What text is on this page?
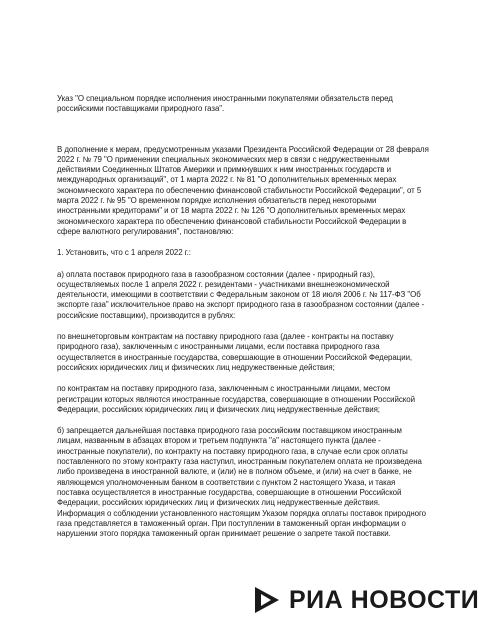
Указ "О специальном порядке исполнения иностранными покупателями обязательств перед российскими поставщиками природного газа".

В дополнение к мерам, предусмотренным указами Президента Российской Федерации от 28 февраля 2022 г. № 79 "О применении специальных экономических мер в связи с недружественными действиями Соединенных Штатов Америки и примкнувших к ним иностранных государств и международных организаций", от 1 марта 2022 г. № 81 "О дополнительных временных мерах экономического характера по обеспечению финансовой стабильности Российской Федерации", от 5 марта 2022 г. № 95 "О временном порядке исполнения обязательств перед некоторыми иностранными кредиторами" и от 18 марта 2022 г. № 126 "О дополнительных временных мерах экономического характера по обеспечению финансовой стабильности Российской Федерации в сфере валютного регулирования", постановляю:

1. Установить, что с 1 апреля 2022 г.:

а) оплата поставок природного газа в газообразном состоянии (далее - природный газ), осуществляемых после 1 апреля 2022 г. резидентами - участниками внешнеэкономической деятельности, имеющими в соответствии с Федеральным законом от 18 июля 2006 г. № 117-ФЗ "Об экспорте газа" исключительное право на экспорт природного газа в газообразном состоянии (далее - российские поставщики), производится в рублях:

по внешнеторговым контрактам на поставку природного газа (далее - контракты на поставку природного газа), заключенным с иностранными лицами, если поставка природного газа осуществляется в иностранные государства, совершающие в отношении Российской Федерации, российских юридических лиц и физических лиц недружественные действия;

по контрактам на поставку природного газа, заключенным с иностранными лицами, местом регистрации которых являются иностранные государства, совершающие в отношении Российской Федерации, российских юридических лиц и физических лиц недружественные действия;

б) запрещается дальнейшая поставка природного газа российским поставщиком иностранным лицам, названным в абзацах втором и третьем подпункта "а" настоящего пункта (далее - иностранные покупатели), по контракту на поставку природного газа, в случае если срок оплаты поставленного по этому контракту газа наступил, иностранным покупателем оплата не произведена либо произведена в иностранной валюте, и (или) не в полном объеме, и (или) на счет в банке, не являющемся уполномоченным банком в соответствии с пунктом 2 настоящего Указа, и такая поставка осуществляется в иностранные государства, совершающие в отношении Российской Федерации, российских юридических лиц и физических лиц недружественные действия. Информация о соблюдении установленного настоящим Указом порядка оплаты поставок природного газа представляется в таможенный орган. При поступлении в таможенный орган информации о нарушении этого порядка таможенный орган принимает решение о запрете такой поставки.

РИА НОВОСТИ
